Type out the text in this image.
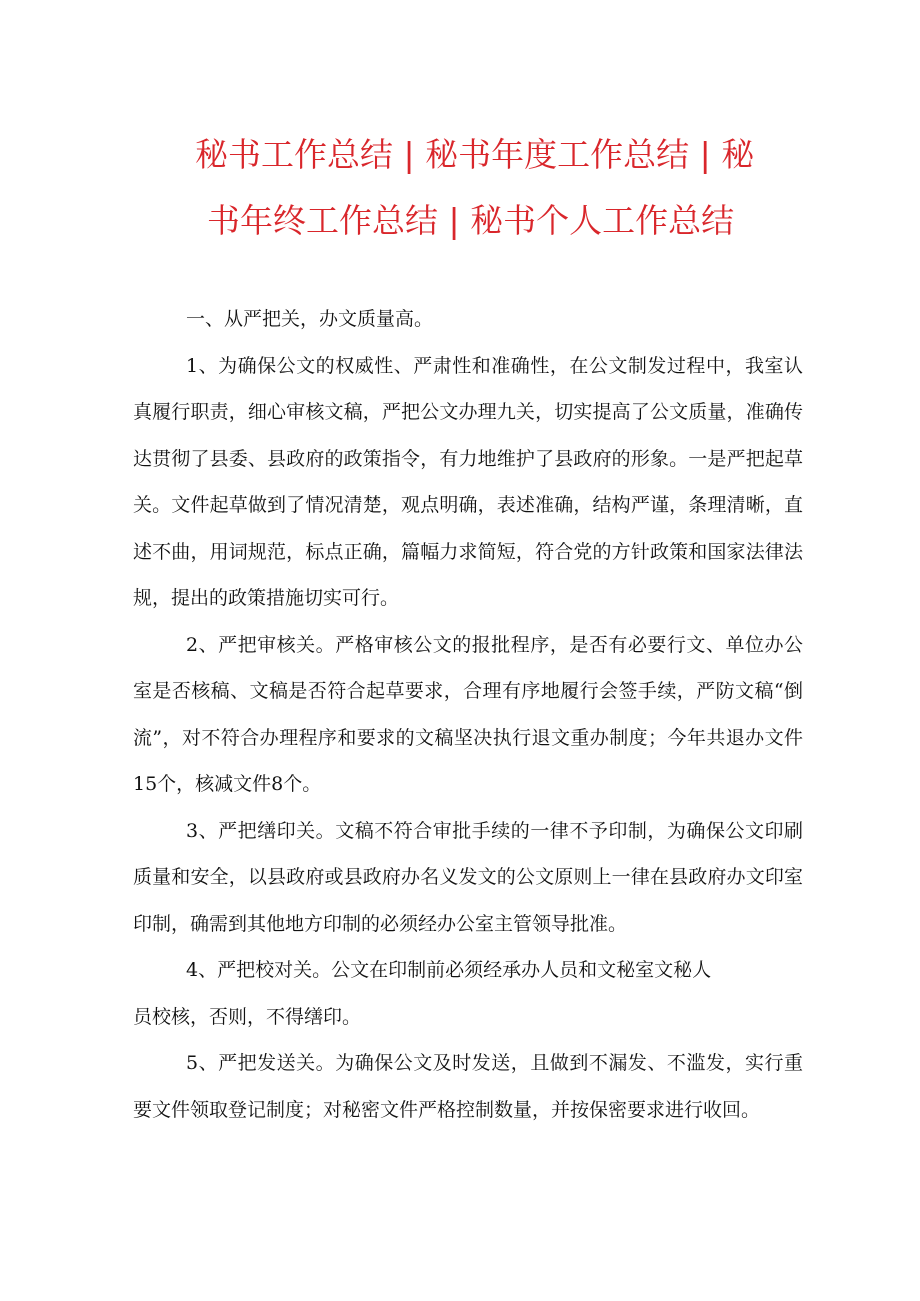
秘书工作总结 | 秘书年度工作总结 | 秘
书年终工作总结 | 秘书个人工作总结

一、从严把关，办文质量高。

1、为确保公文的权威性、严肃性和准确性，在公文制发过程中，我室认真履行职责，细心审核文稿，严把公文办理九关，切实提高了公文质量，准确传达贯彻了县委、县政府的政策指令，有力地维护了县政府的形象。一是严把起草关。文件起草做到了情况清楚，观点明确，表述准确，结构严谨，条理清晰，直述不曲，用词规范，标点正确，篇幅力求简短，符合党的方针政策和国家法律法规，提出的政策措施切实可行。

2、严把审核关。严格审核公文的报批程序，是否有必要行文、单位办公室是否核稿、文稿是否符合起草要求，合理有序地履行会签手续，严防文稿“倒流”，对不符合办理程序和要求的文稿坚决执行退文重办制度；今年共退办文件15个，核减文件8个。

3、严把缮印关。文稿不符合审批手续的一律不予印制，为确保公文印刷质量和安全，以县政府或县政府办名义发文的公文原则上一律在县政府办文印室印制，确需到其他地方印制的必须经办公室主管领导批准。

4、严把校对关。公文在印制前必须经承办人员和文秘室文秘人

员校核，否则，不得缮印。

5、严把发送关。为确保公文及时发送，且做到不漏发、不滥发，实行重要文件领取登记制度；对秘密文件严格控制数量，并按保密要求进行收回。
